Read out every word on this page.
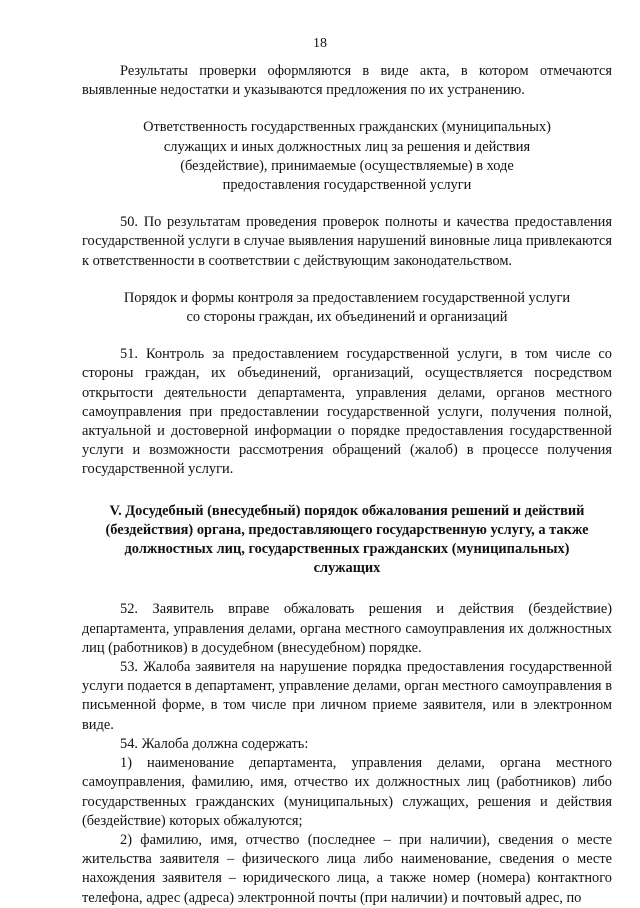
18

Результаты проверки оформляются в виде акта, в котором отмечаются выявленные недостатки и указываются предложения по их устранению.

Ответственность государственных гражданских (муниципальных) служащих и иных должностных лиц за решения и действия (бездействие), принимаемые (осуществляемые) в ходе предоставления государственной услуги

50. По результатам проведения проверок полноты и качества предоставления государственной услуги в случае выявления нарушений виновные лица привлекаются к ответственности в соответствии с действующим законодательством.

Порядок и формы контроля за предоставлением государственной услуги со стороны граждан, их объединений и организаций

51. Контроль за предоставлением государственной услуги, в том числе со стороны граждан, их объединений, организаций, осуществляется посредством открытости деятельности департамента, управления делами, органов местного самоуправления при предоставлении государственной услуги, получения полной, актуальной и достоверной информации о порядке предоставления государственной услуги и возможности рассмотрения обращений (жалоб) в процессе получения государственной услуги.

V. Досудебный (внесудебный) порядок обжалования решений и действий (бездействия) органа, предоставляющего государственную услугу, а также должностных лиц, государственных гражданских (муниципальных) служащих

52. Заявитель вправе обжаловать решения и действия (бездействие) департамента, управления делами, органа местного самоуправления их должностных лиц (работников) в досудебном (внесудебном) порядке.

53. Жалоба заявителя на нарушение порядка предоставления государственной услуги подается в департамент, управление делами, орган местного самоуправления в письменной форме, в том числе при личном приеме заявителя, или в электронном виде.

54. Жалоба должна содержать:

1) наименование департамента, управления делами, органа местного самоуправления, фамилию, имя, отчество их должностных лиц (работников) либо государственных гражданских (муниципальных) служащих, решения и действия (бездействие) которых обжалуются;

2) фамилию, имя, отчество (последнее – при наличии), сведения о месте жительства заявителя – физического лица либо наименование, сведения о месте нахождения заявителя – юридического лица, а также номер (номера) контактного телефона, адрес (адреса) электронной почты (при наличии) и почтовый адрес, по
